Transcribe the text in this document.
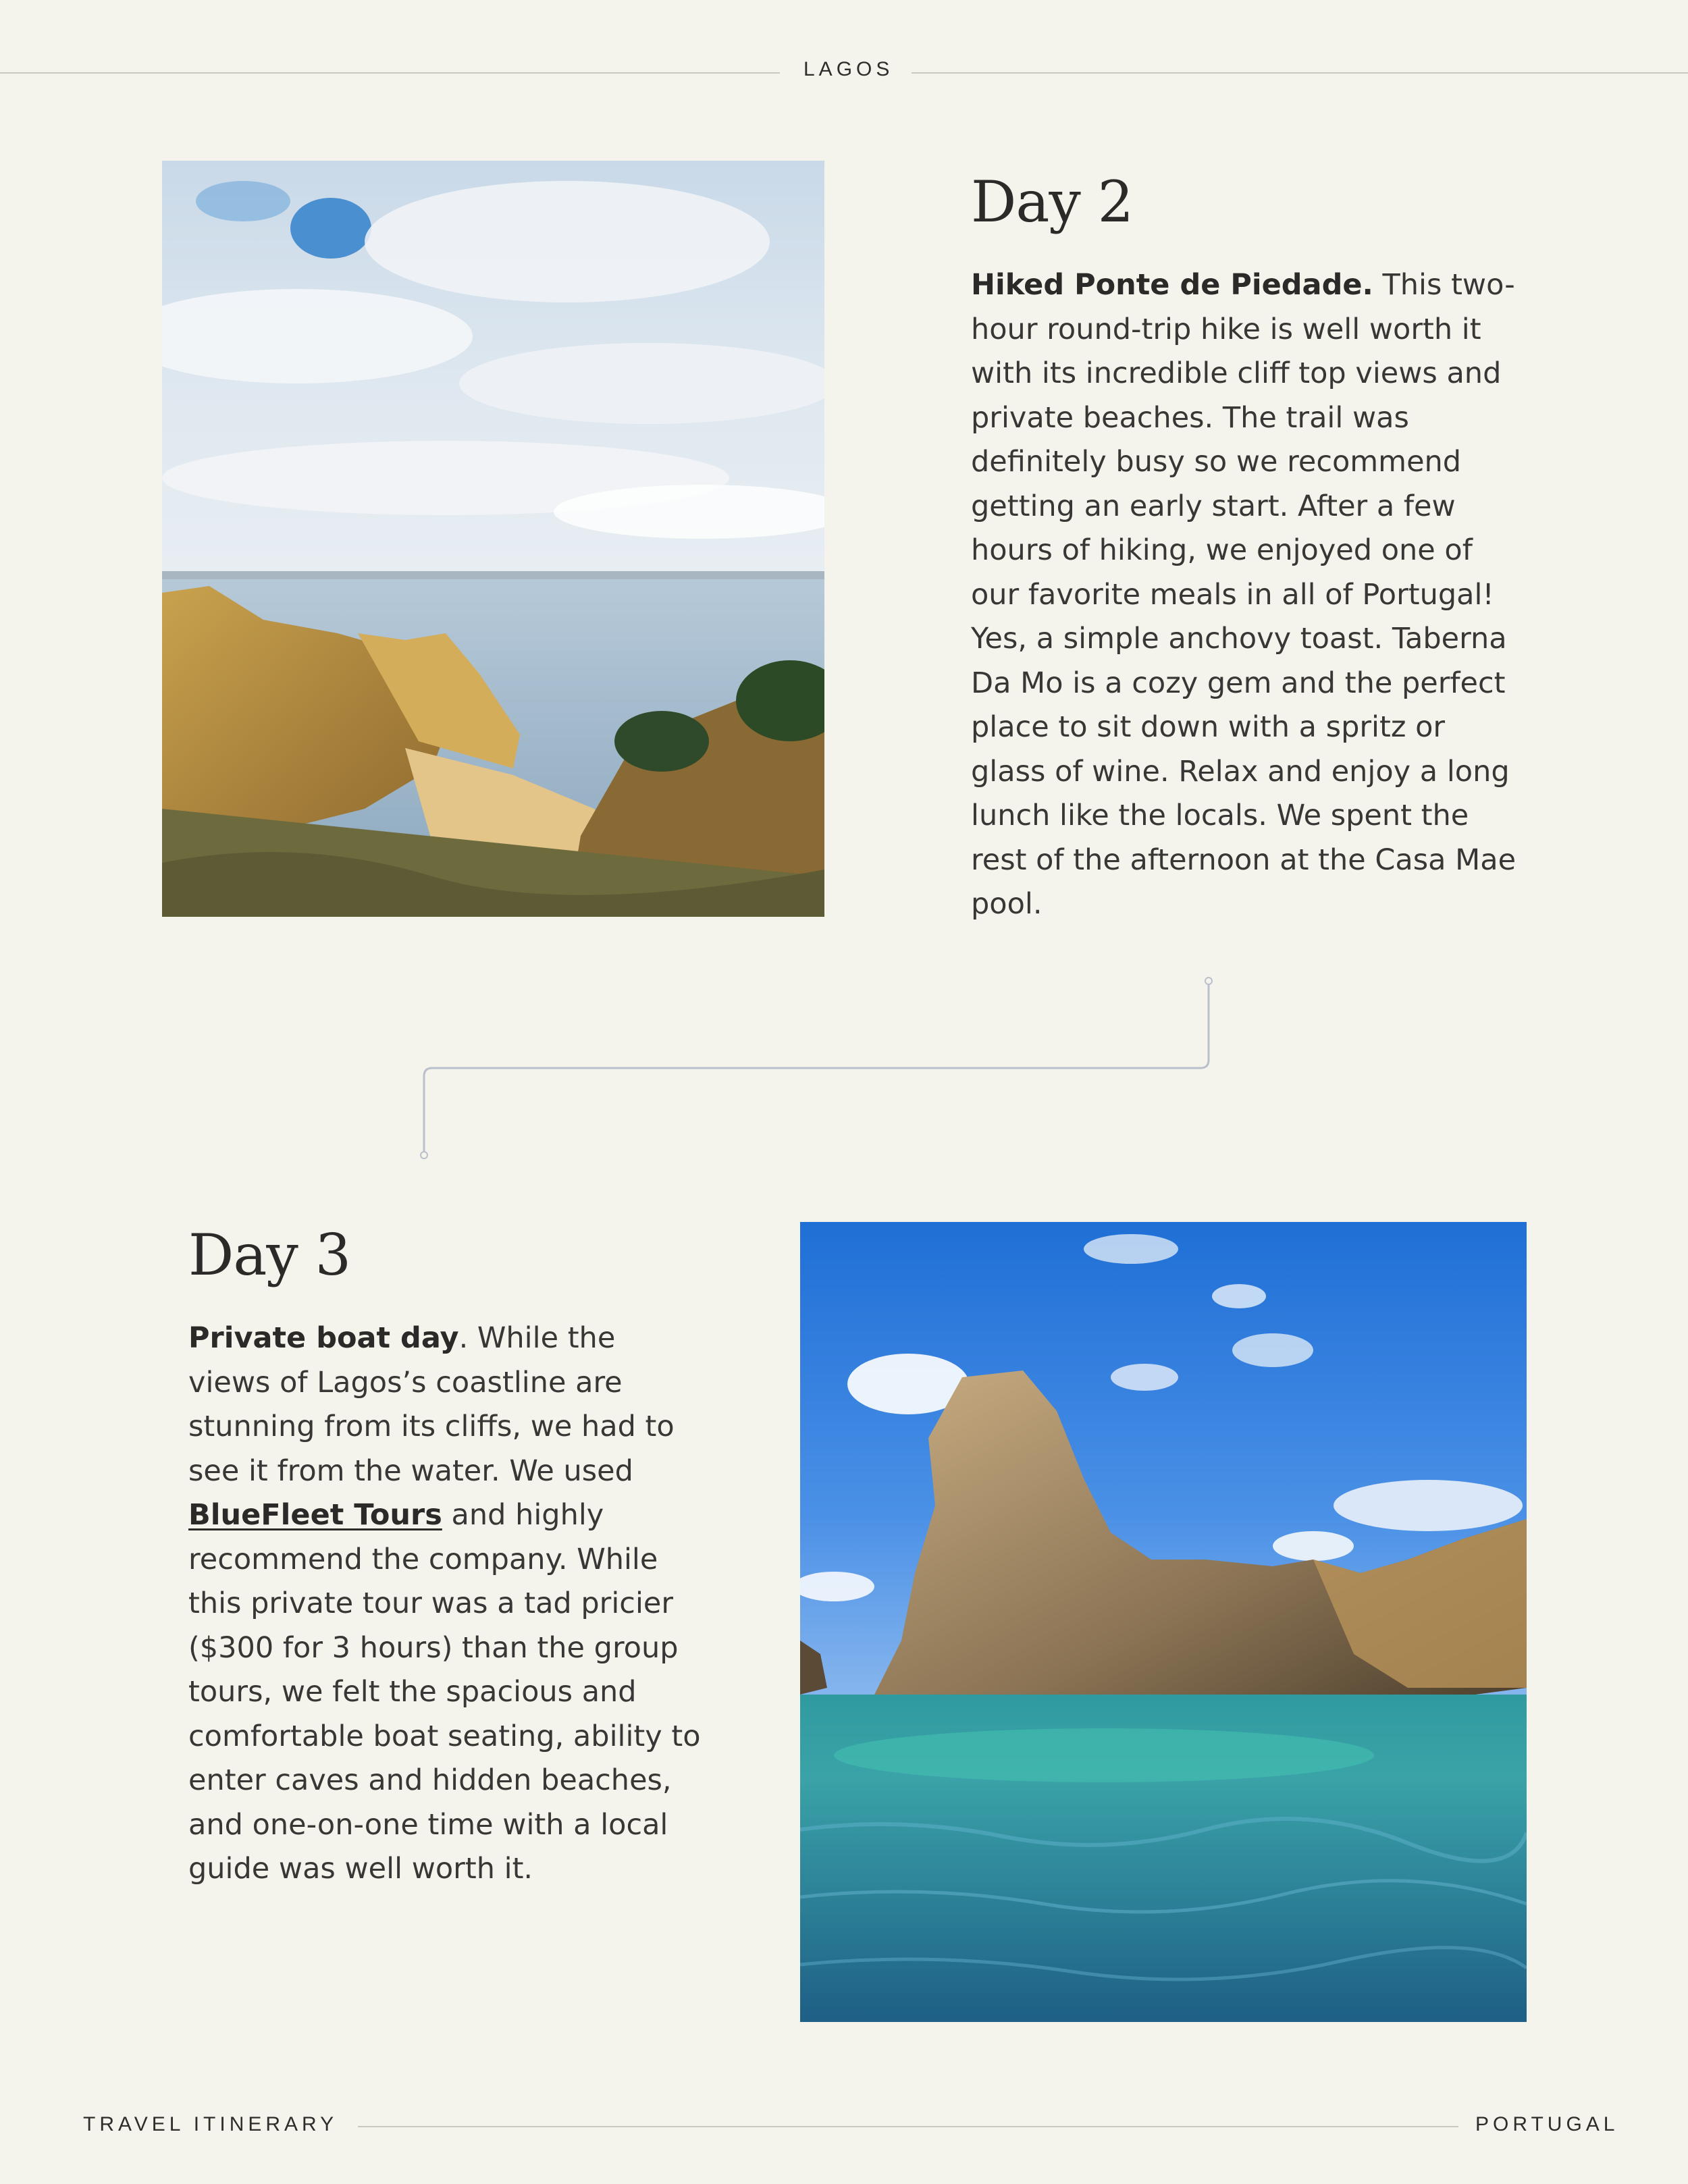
LAGOS
Day 2

Hiked Ponte de Piedade. This two-hour round-trip hike is well worth it with its incredible cliff top views and private beaches. The trail was definitely busy so we recommend getting an early start. After a few hours of hiking, we enjoyed one of our favorite meals in all of Portugal! Yes, a simple anchovy toast. Taberna Da Mo is a cozy gem and the perfect place to sit down with a spritz or glass of wine. Relax and enjoy a long lunch like the locals. We spent the rest of the afternoon at the Casa Mae pool.

Day 3

Private boat day. While the views of Lagos’s coastline are stunning from its cliffs, we had to see it from the water. We used BlueFleet Tours and highly recommend the company. While this private tour was a tad pricier ($300 for 3 hours) than the group tours, we felt the spacious and comfortable boat seating, ability to enter caves and hidden beaches, and one-on-one time with a local guide was well worth it.

TRAVEL ITINERARY	PORTUGAL
